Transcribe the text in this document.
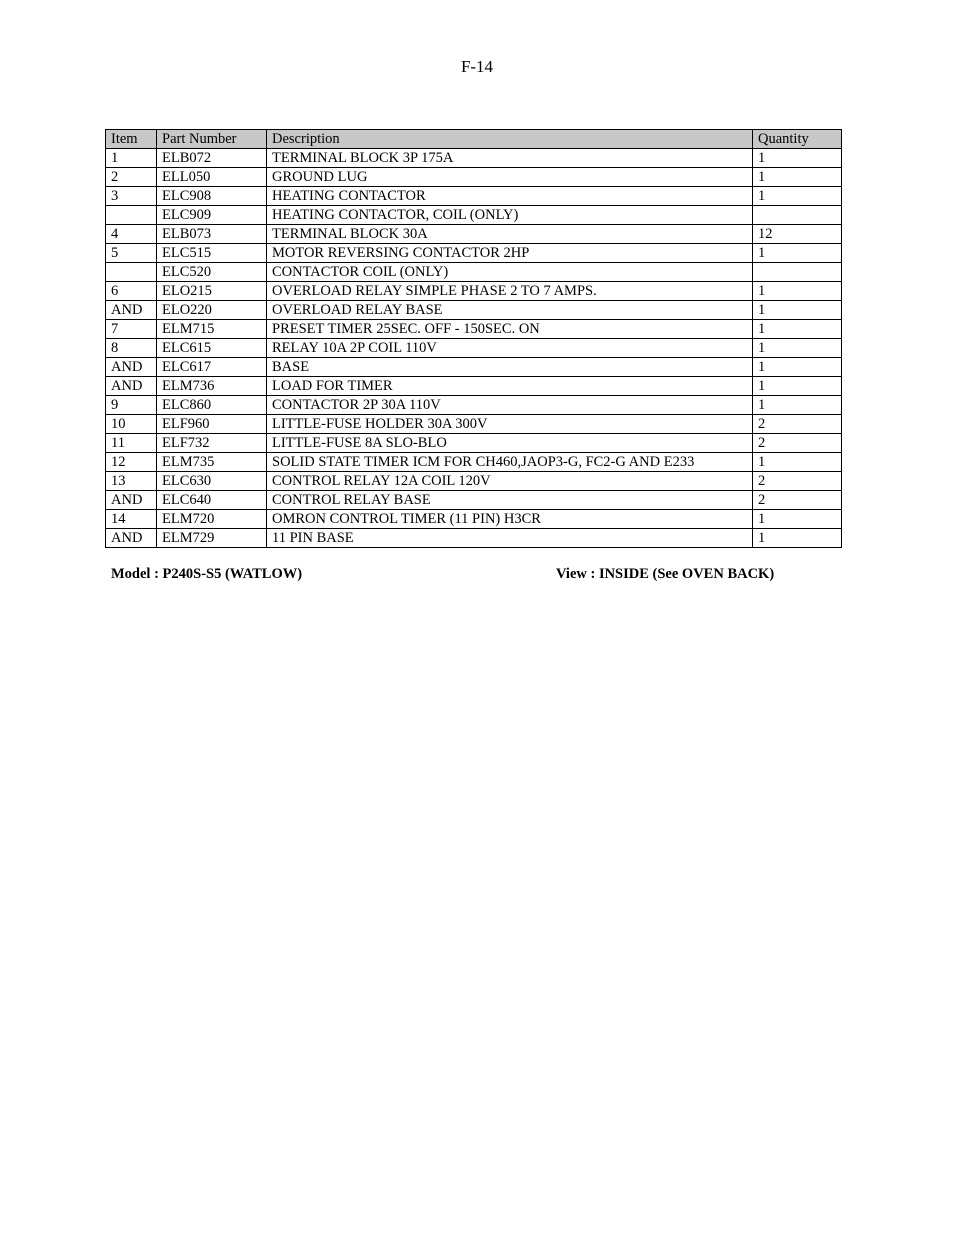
F-14
Item	Part Number	Description	Quantity
1	ELB072	TERMINAL BLOCK 3P 175A	1
2	ELL050	GROUND LUG	1
3	ELC908	HEATING CONTACTOR	1
	ELC909	HEATING CONTACTOR, COIL (ONLY)	
4	ELB073	TERMINAL BLOCK 30A	12
5	ELC515	MOTOR REVERSING CONTACTOR 2HP	1
	ELC520	CONTACTOR COIL (ONLY)	
6	ELO215	OVERLOAD RELAY SIMPLE PHASE 2 TO 7 AMPS.	1
AND	ELO220	OVERLOAD RELAY BASE	1
7	ELM715	PRESET TIMER 25SEC. OFF - 150SEC. ON	1
8	ELC615	RELAY 10A 2P COIL 110V	1
AND	ELC617	BASE	1
AND	ELM736	LOAD FOR TIMER	1
9	ELC860	CONTACTOR 2P 30A 110V	1
10	ELF960	LITTLE-FUSE HOLDER 30A 300V	2
11	ELF732	LITTLE-FUSE 8A SLO-BLO	2
12	ELM735	SOLID STATE TIMER ICM FOR CH460,JAOP3-G, FC2-G AND E233	1
13	ELC630	CONTROL RELAY 12A COIL 120V	2
AND	ELC640	CONTROL RELAY BASE	2
14	ELM720	OMRON CONTROL TIMER (11 PIN) H3CR	1
AND	ELM729	11 PIN BASE	1
Model : P240S-S5 (WATLOW)	View : INSIDE (See OVEN BACK)
